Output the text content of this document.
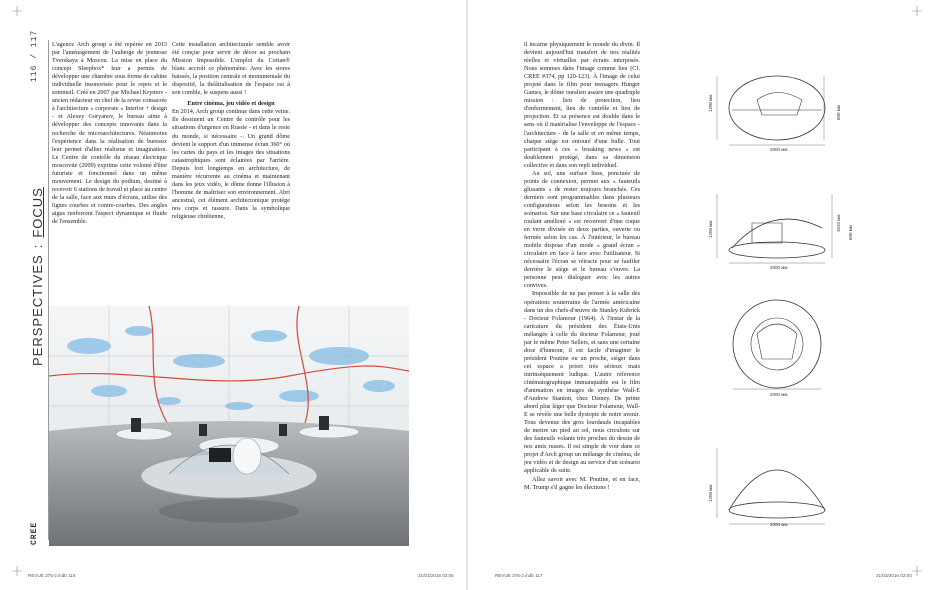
116 / 117
PERSPECTIVES:FOCUS
CREE

L'agence Arch group a été repérée en 2013 par l'aménagement de l'auberge de jeunesse Tverskaya à Moscou. La mise en place du concept Sleepbox* leur a permis de développer une chambre sous forme de cabine individuelle insonorisée pour le repos et le sommeil. Créé en 2007 par Michael Krymov - ancien rédacteur en chef de la revue consacrée à l'architecture « corporate » Interior + design - et Alexey Goryanov, le bureau aime à développer des concepts innovants dans la recherche de microarchitectures. Néanmoins l'expérience dans la réalisation de bureaux leur permet d'allier réalisme et imagination. Le Centre de contrôle du réseau électrique moscovite (2009) exprime cette volonté d'être futuriste et fonctionnel dans un même mouvement. Le design du podium, destiné à recevoir 6 stations de travail et placé au centre de la salle, face aux murs d'écrans, utilise des lignes courbes et contre-courbes. Des angles aigus renforcent l'aspect dynamique et fluide de l'ensemble.

Cette installation architecturale semble avoir été conçue pour servir de décor au prochain Mission Impossible. L'emploi du Corian® blanc accroît ce phénomène. Avec les stores baissés, la position centrale et monumentale du dispositif, la théâtralisation de l'espace est à son comble, le suspens aussi !

Entre cinéma, jeu vidéo et design

En 2014, Arch group continue dans cette veine. Ils dessinent un Centre de contrôle pour les situations d'urgence en Russie - et dans le reste du monde, si nécessaire -. Un grand dôme devient le support d'un immense écran 360° où les cartes du pays et les images des situations catastrophiques sont éclairées par l'arrière. Depuis fort longtemps en architecture, de manière récurrente au cinéma et maintenant dans les jeux vidéo, le dôme donne l'illusion à l'homme de maîtriser son environnement. Abri ancestral, cet élément architectonique protège nos corps et rassure. Dans la symbolique religieuse chrétienne,

il incarne physiquement le monde du divin. Il devient aujourd'hui transfert de nos réalités réelles et virtuelles par écrans interposés. Nous sommes dans l'image comme lieu (Cf. CREE #374, pp 120-123). À l'image de celui projeté dans le film pour teenagers Hunger Games, le dôme ouralien assure une quadruple mission : lieu de protection, lieu d'enfermement, lieu de contrôle et lieu de projection. Et sa présence est double dans le sens où il matérialise l'enveloppe de l'espace - l'architecture - de la salle et en même temps, chaque siège est entouré d'une bulle. Tout participant à ces « breaking news » est doublement protégé, dans sa dimension collective et dans son repli individuel.

Au sol, une surface lisse, ponctuée de points de connexion, permet aux « fauteuils glissants » de rester toujours branchés. Ces derniers sont programmables dans plusieurs configurations selon les besoins et les scénarios. Sur une base circulaire ce « fauteuil roulant amélioré » est recouvert d'une coque en verre divisée en deux parties, ouverte ou fermée selon les cas. À l'intérieur, le bureau mobile dispose d'un mode « grand écran » circulaire en face à face avec l'utilisateur. Si nécessaire l'écran se rétracte pour se faufiler derrière le siège et le bureau s'ouvre. La personne peut dialoguer avec les autres convives.

Impossible de ne pas penser à la salle des opérations souterraine de l'armée américaine dans un des chefs-d'œuvre de Stanley Kubrick - Docteur Folamour (1964). À l'instar de la caricature du président des États-Unis mélangée à celle du docteur Folamour, joué par le même Peter Sellers, et sans une certaine dose d'humour, il est facile d'imaginer le président Poutine ou un proche, siéger dans cet espace a priori très sérieux mais intrinsèquement ludique. L'autre référence cinématographique immanquable est le film d'animation en images de synthèse Wall-E d'Andrew Stanton, chez Disney. De prime abord plus léger que Docteur Folamour, Wall-E se révèle une belle dystopie de notre avenir. Tous devenus des gros lourdauds incapables de mettre un pied au sol, nous circulons sur des fauteuils volants très proches du dessin de nos amis russes. Il est simple de voir dans ce projet d'Arch group un mélange de cinéma, de jeu vidéo et de design au service d'un scénario applicable de suite.

Allez savoir avec M. Poutine, et en face, M. Trump s'il gagne les élections !

1200 мм
600 мм
2000 мм
1200 мм	1010 мм
600 мм
2000 мм
2000 мм
1200 мм
2000 мм
REVUE 375-2.indb 116	21/03/2016 02:05	REVUE 375-2.indb 117	21/03/2016 02:04
